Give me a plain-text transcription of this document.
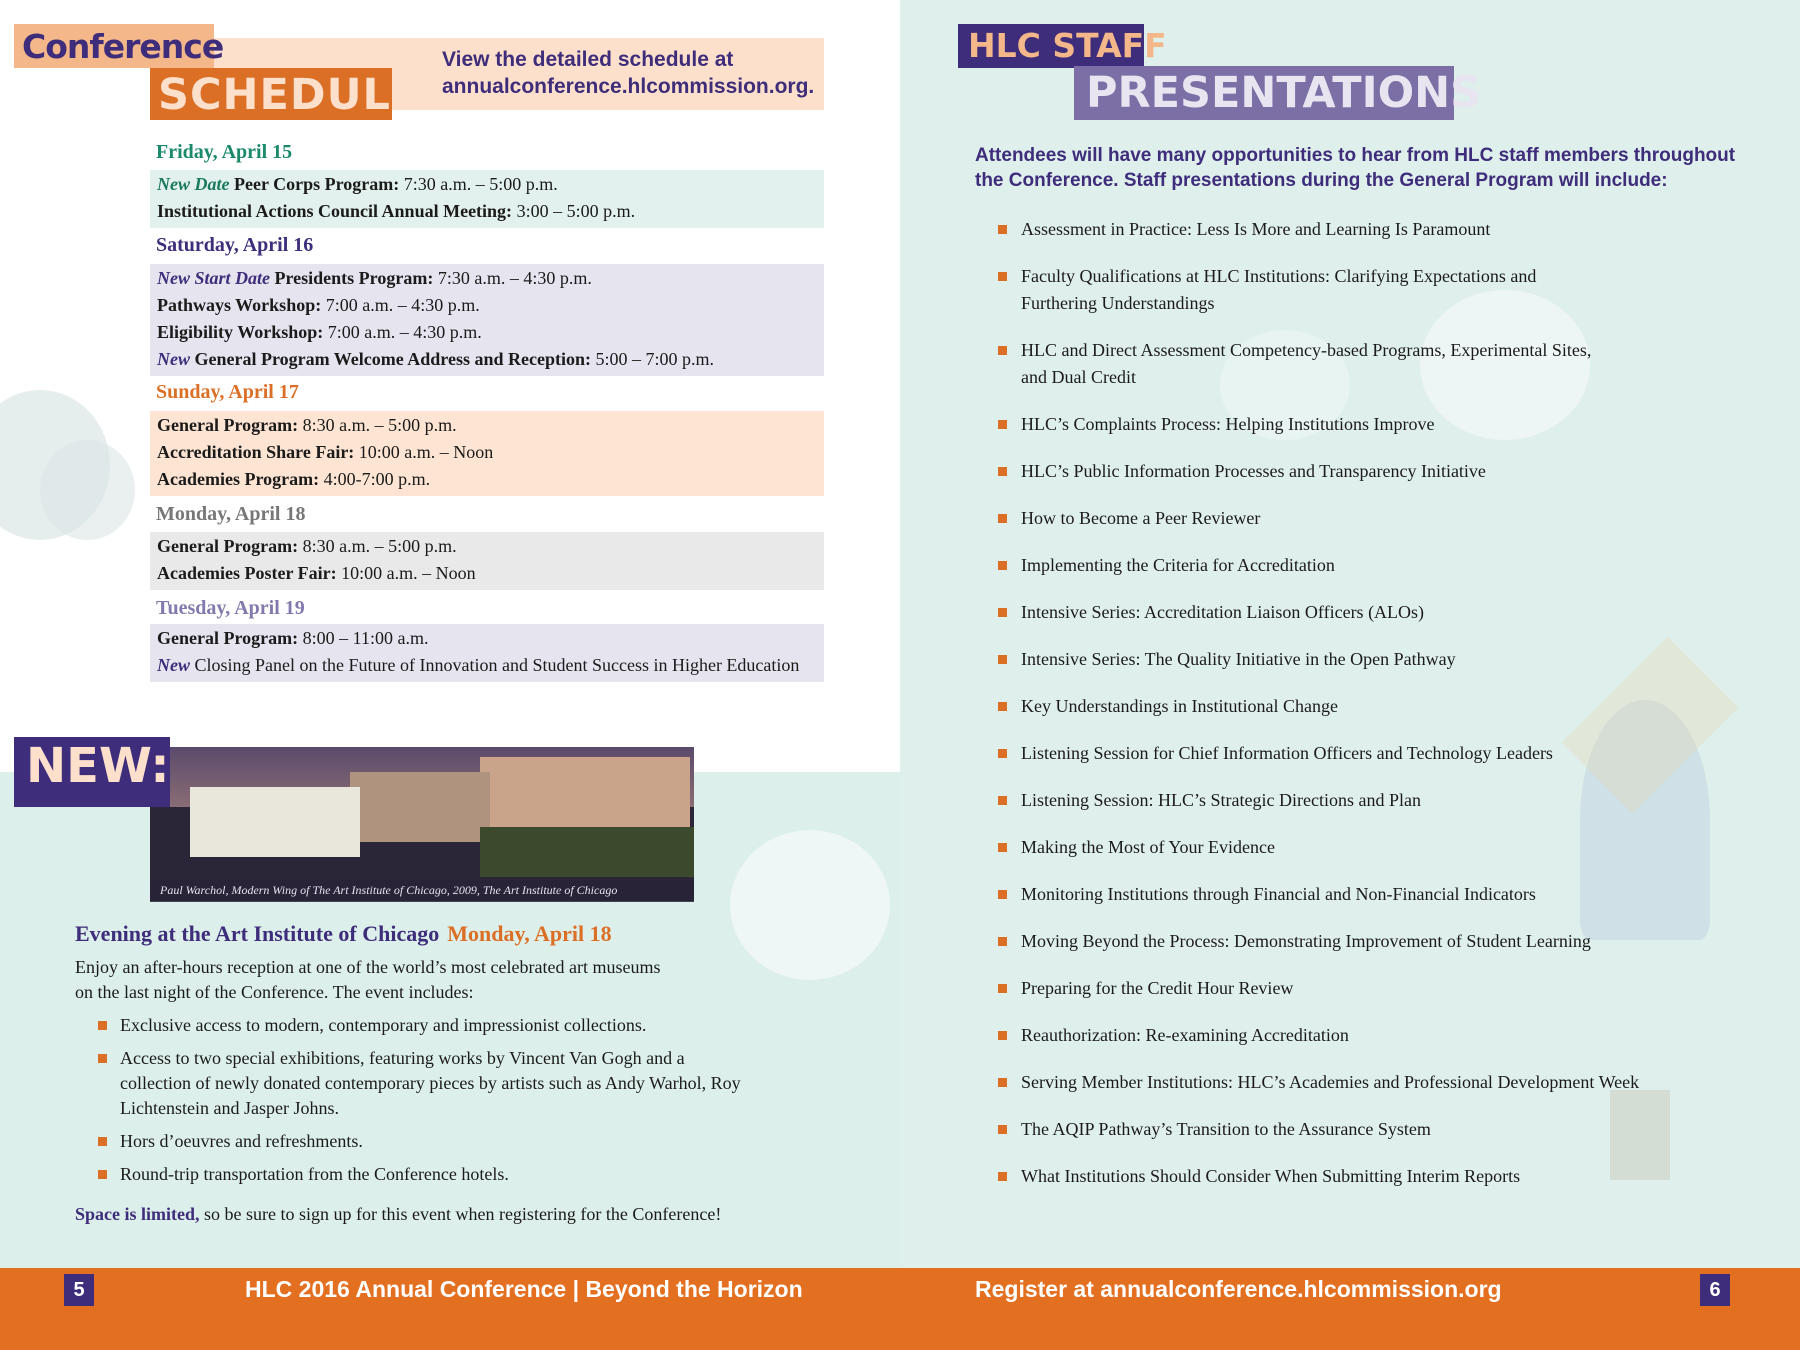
Conference
SCHEDULE
View the detailed schedule at
annualconference.hlcommission.org.
Friday, April 15
New Date Peer Corps Program: 7:30 a.m. – 5:00 p.m.
Institutional Actions Council Annual Meeting: 3:00 – 5:00 p.m.
Saturday, April 16
New Start Date Presidents Program: 7:30 a.m. – 4:30 p.m.
Pathways Workshop: 7:00 a.m. – 4:30 p.m.
Eligibility Workshop: 7:00 a.m. – 4:30 p.m.
New General Program Welcome Address and Reception: 5:00 – 7:00 p.m.
Sunday, April 17
General Program: 8:30 a.m. – 5:00 p.m.
Accreditation Share Fair: 10:00 a.m. – Noon
Academies Program: 4:00-7:00 p.m.
Monday, April 18
General Program: 8:30 a.m. – 5:00 p.m.
Academies Poster Fair: 10:00 a.m. – Noon
Tuesday, April 19
General Program: 8:00 – 11:00 a.m.
New Closing Panel on the Future of Innovation and Student Success in Higher Education
Paul Warchol, Modern Wing of The Art Institute of Chicago, 2009, The Art Institute of Chicago
NEW:
Evening at the Art Institute of Chicago Monday, April 18
Enjoy an after-hours reception at one of the world’s most celebrated art museums on the last night of the Conference. The event includes:
Exclusive access to modern, contemporary and impressionist collections.
Access to two special exhibitions, featuring works by Vincent Van Gogh and a collection of newly donated contemporary pieces by artists such as Andy Warhol, Roy Lichtenstein and Jasper Johns.
Hors d’oeuvres and refreshments.
Round-trip transportation from the Conference hotels.
Space is limited, so be sure to sign up for this event when registering for the Conference!
HLC STAFF
PRESENTATIONS
Attendees will have many opportunities to hear from HLC staff members throughout the Conference. Staff presentations during the General Program will include:
Assessment in Practice: Less Is More and Learning Is Paramount
Faculty Qualifications at HLC Institutions: Clarifying Expectations and Furthering Understandings
HLC and Direct Assessment Competency-based Programs, Experimental Sites, and Dual Credit
HLC’s Complaints Process: Helping Institutions Improve
HLC’s Public Information Processes and Transparency Initiative
How to Become a Peer Reviewer
Implementing the Criteria for Accreditation
Intensive Series: Accreditation Liaison Officers (ALOs)
Intensive Series: The Quality Initiative in the Open Pathway
Key Understandings in Institutional Change
Listening Session for Chief Information Officers and Technology Leaders
Listening Session: HLC’s Strategic Directions and Plan
Making the Most of Your Evidence
Monitoring Institutions through Financial and Non-Financial Indicators
Moving Beyond the Process: Demonstrating Improvement of Student Learning
Preparing for the Credit Hour Review
Reauthorization: Re-examining Accreditation
Serving Member Institutions: HLC’s Academies and Professional Development Week
The AQIP Pathway’s Transition to the Assurance System
What Institutions Should Consider When Submitting Interim Reports
5	HLC 2016 Annual Conference | Beyond the Horizon	Register at annualconference.hlcommission.org	6
